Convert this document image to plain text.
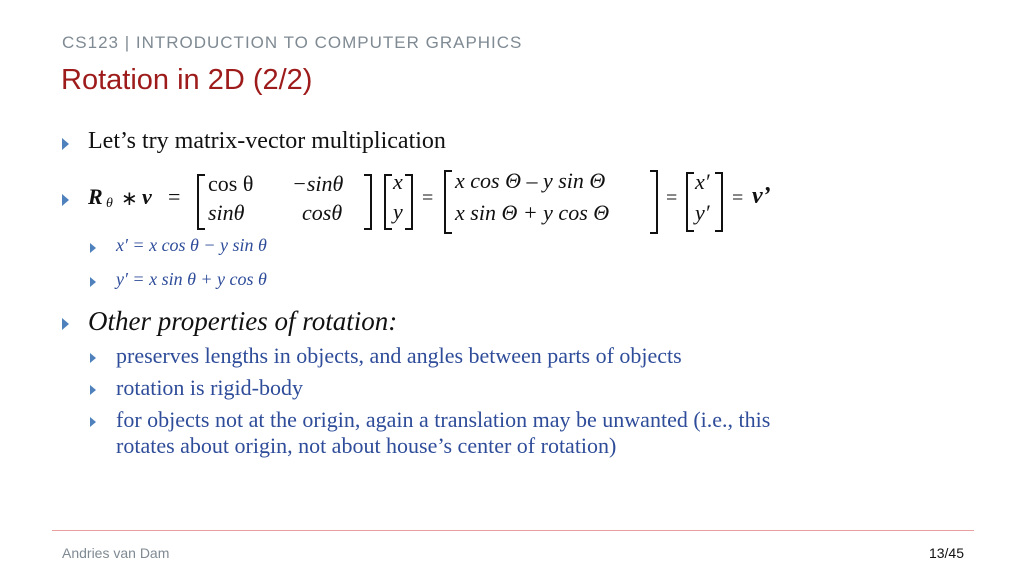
CS123 | INTRODUCTION TO COMPUTER GRAPHICS
Rotation in 2D (2/2)
Let’s try matrix-vector multiplication
R θ ∗ v =
cos θ −sinθ
sinθ	cosθ
x
y
=
x cos Θ – y sin Θ
x sin Θ + y cos Θ
=
x′
y′
= v’
x′ = x cos θ − y sin θ
y′ = x sin θ + y cos θ
Other properties of rotation:
preserves lengths in objects, and angles between parts of objects
rotation is rigid-body
for objects not at the origin, again a translation may be unwanted (i.e., this
rotates about origin, not about house’s center of rotation)
Andries van Dam	13/45
